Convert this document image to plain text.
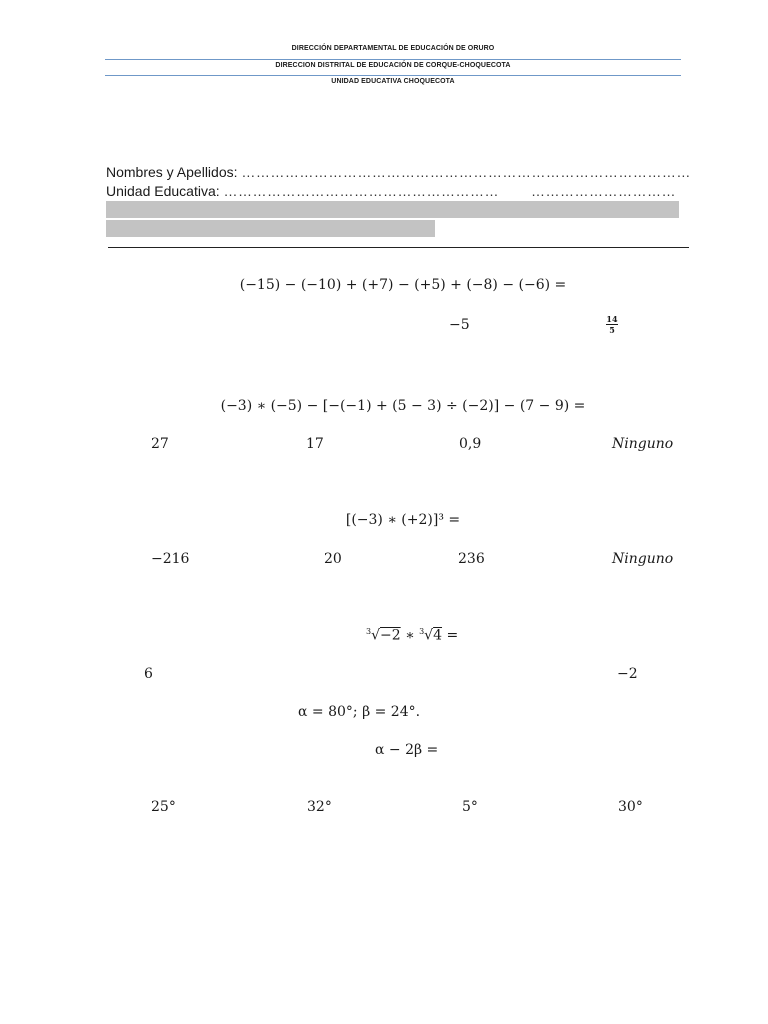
DIRECCIÓN DEPARTAMENTAL DE EDUCACIÓN DE ORURO
DIRECCION DISTRITAL DE EDUCACIÓN DE CORQUE-CHOQUECOTA
UNIDAD EDUCATIVA CHOQUECOTA
Nombres y Apellidos: …………………………………………………………………………………
Unidad Educativa: ………………………………………………… …………………………
(−15) − (−10) + (+7) − (+5) + (−8) − (−6) =
−5	14
5
(−3) ∗ (−5) − [−(−1) + (5 − 3) ÷ (−2)] − (7 − 9) =
27	17	0,9	Ninguno
[(−3) ∗ (+2)]³ =
−216	20	236	Ninguno
$^3$√−2 ∗ $^3$√4 =
6	−2
α = 80°; β = 24°.
α − 2β =
25°	32°	5°	30°
